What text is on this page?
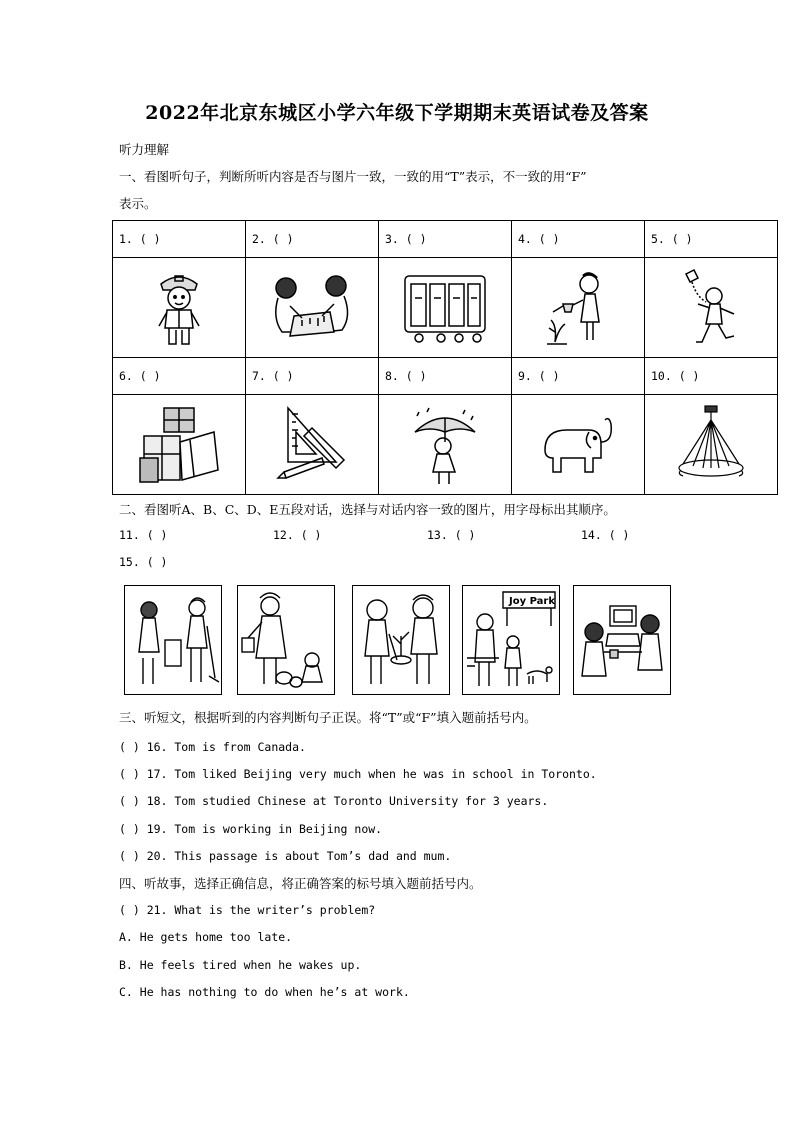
2022年北京东城区小学六年级下学期期末英语试卷及答案
听力理解
一、看图听句子，判断所听内容是否与图片一致，一致的用“T”表示，不一致的用“F”
表示。
1. ( )	2. ( )	3. ( )	4. ( )	5. ( )

6. ( )	7. ( )	8. ( )	9. ( )	10. ( )

二、看图听A、B、C、D、E五段对话，选择与对话内容一致的图片，用字母标出其顺序。
11. ( )	12. ( )	13. ( )	14. ( )
15. ( )
Joy Park
三、听短文，根据听到的内容判断句子正误。将“T”或“F”填入题前括号内。
( ) 16. Tom is from Canada.
( ) 17. Tom liked Beijing very much when he was in school in Toronto.
( ) 18. Tom studied Chinese at Toronto University for 3 years.
( ) 19. Tom is working in Beijing now.
( ) 20. This passage is about Tom’s dad and mum.
四、听故事，选择正确信息，将正确答案的标号填入题前括号内。
( ) 21. What is the writer’s problem?
A. He gets home too late.
B. He feels tired when he wakes up.
C. He has nothing to do when he’s at work.
